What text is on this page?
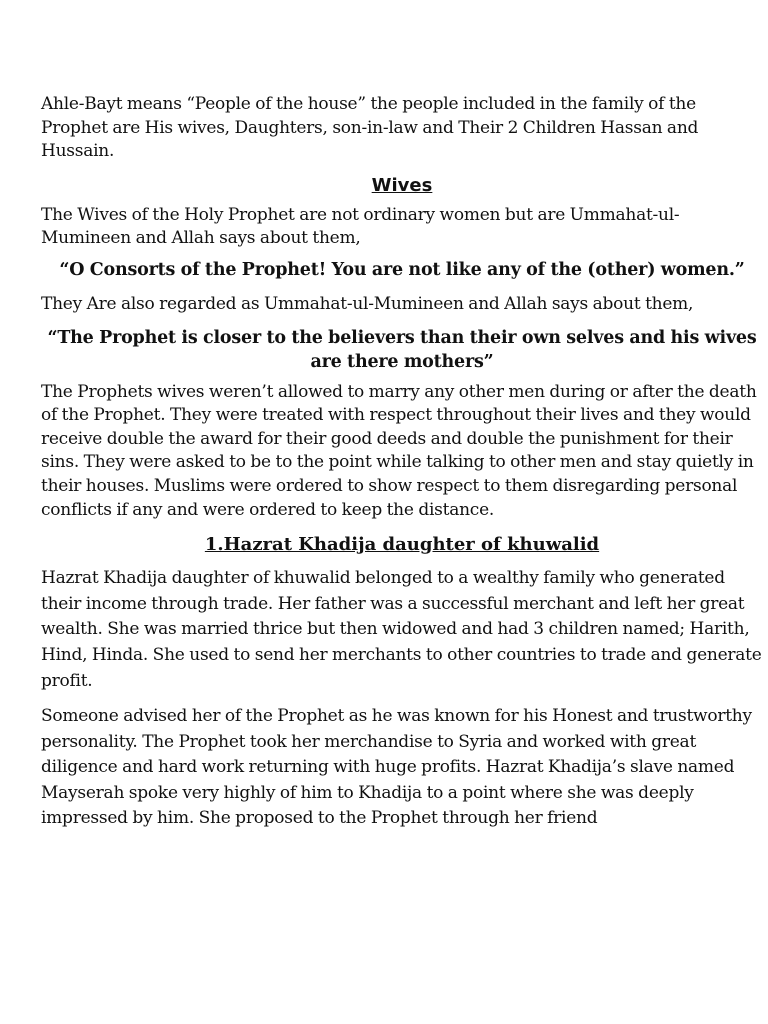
Ahle-Bayt means “People of the house” the people included in the family of the Prophet are His wives, Daughters, son-in-law and Their 2 Children Hassan and Hussain.

Wives

The Wives of the Holy Prophet are not ordinary women but are Ummahat-ul-Mumineen and Allah says about them,

“O Consorts of the Prophet! You are not like any of the (other) women.”

They Are also regarded as Ummahat-ul-Mumineen and Allah says about them,

“The Prophet is closer to the believers than their own selves and his wives are there mothers”

The Prophets wives weren’t allowed to marry any other men during or after the death of the Prophet. They were treated with respect throughout their lives and they would receive double the award for their good deeds and double the punishment for their sins. They were asked to be to the point while talking to other men and stay quietly in their houses. Muslims were ordered to show respect to them disregarding personal conflicts if any and were ordered to keep the distance.

1.Hazrat Khadija daughter of khuwalid

Hazrat Khadija daughter of khuwalid belonged to a wealthy family who generated their income through trade. Her father was a successful merchant and left her great wealth. She was married thrice but then widowed and had 3 children named; Harith, Hind, Hinda. She used to send her merchants to other countries to trade and generate profit.

Someone advised her of the Prophet as he was known for his Honest and trustworthy personality. The Prophet took her merchandise to Syria and worked with great diligence and hard work returning with huge profits. Hazrat Khadija’s slave named Mayserah spoke very highly of him to Khadija to a point where she was deeply impressed by him. She proposed to the Prophet through her friend
